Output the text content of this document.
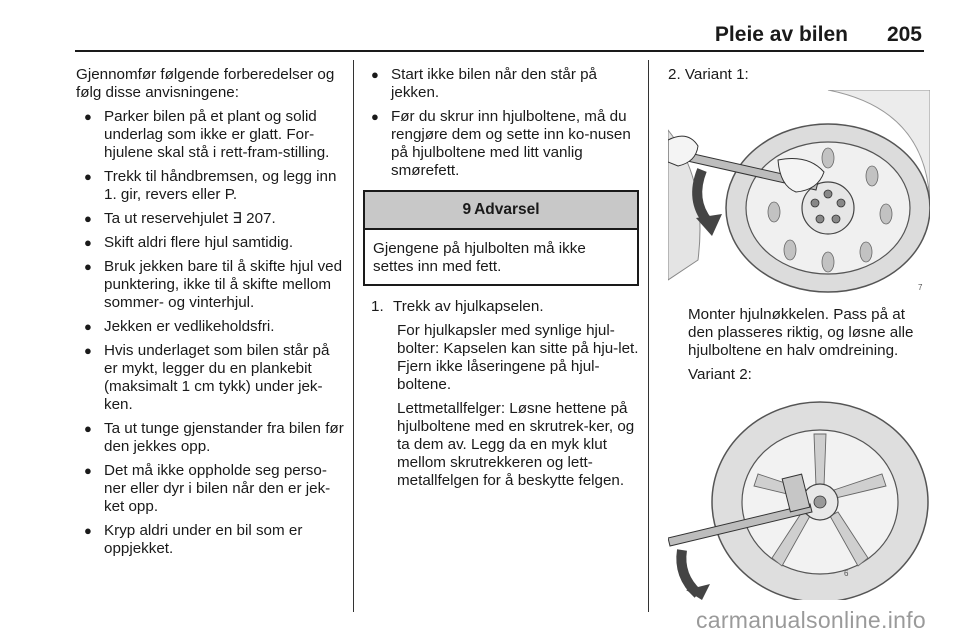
Pleie av bilen 205

Gjennomfør følgende forberedelser og følg disse anvisningene:

● Parker bilen på et plant og solid underlag som ikke er glatt. For-hjulene skal stå i rett-fram-stilling.
● Trekk til håndbremsen, og legg inn 1. gir, revers eller P.
● Ta ut reservehjulet ∃ 207.
● Skift aldri flere hjul samtidig.
● Bruk jekken bare til å skifte hjul ved punktering, ikke til å skifte mellom sommer- og vinterhjul.
● Jekken er vedlikeholdsfri.
● Hvis underlaget som bilen står på er mykt, legger du en plankebit (maksimalt 1 cm tykk) under jek-ken.
● Ta ut tunge gjenstander fra bilen før den jekkes opp.
● Det må ikke oppholde seg perso-ner eller dyr i bilen når den er jek-ket opp.
● Kryp aldri under en bil som er oppjekket.
● Start ikke bilen når den står på jekken.
● Før du skrur inn hjulboltene, må du rengjøre dem og sette inn ko-nusen på hjulboltene med litt vanlig smørefett.
9 Advarsel
Gjengene på hjulbolten må ikke settes inn med fett.
1. Trekk av hjulkapselen.
For hjulkapsler med synlige hjul-bolter: Kapselen kan sitte på hju-let. Fjern ikke låseringene på hjul-boltene.
Lettmetallfelger: Løsne hettene på hjulboltene med en skrutrek-ker, og ta dem av. Legg da en myk klut mellom skrutrekkeren og lett-metallfelgen for å beskytte felgen.
2. Variant 1:
7
Monter hjulnøkkelen. Pass på at den plasseres riktig, og løsne alle hjulboltene en halv omdreining.
Variant 2:
6
carmanualsonline.info
